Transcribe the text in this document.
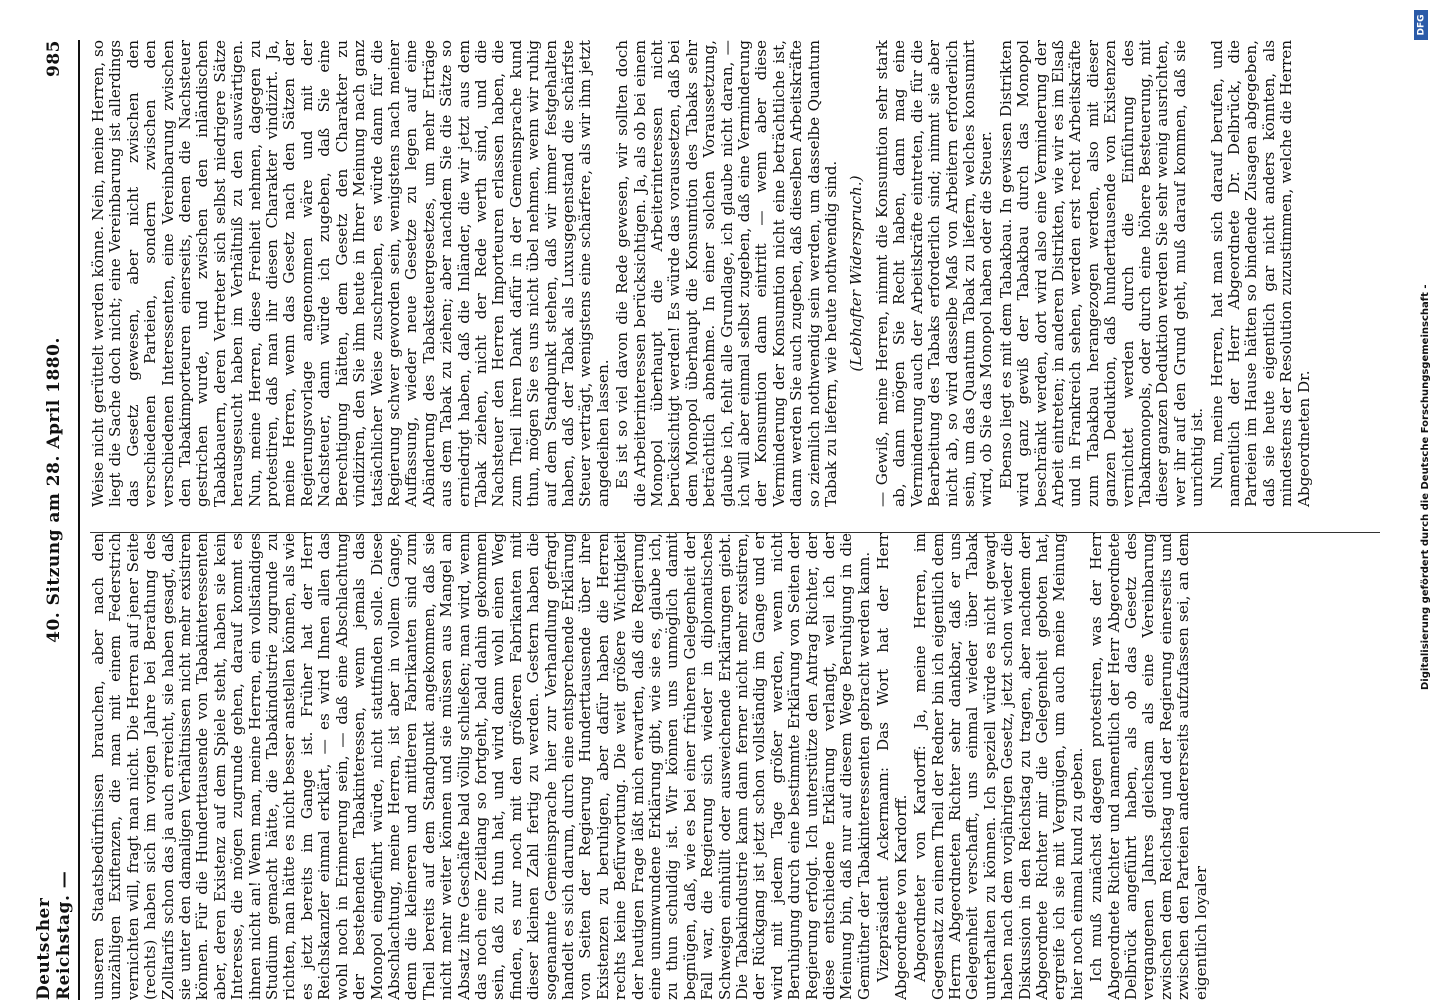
Deutscher Reichstag. —
40. Sitzung am 28. April 1880.
985

unseren Staatsbedürfnissen brauchen, aber nach den unzähligen Exiftenzen, die man mit einem Federstrich vernichten will, fragt man nicht. Die Herren auf jener Seite (rechts) haben sich im vorigen Jahre bei Berathung des Zolltarifs schon das ja auch erreicht, sie haben gesagt, daß sie unter den damaligen Verhältnissen nicht mehr existiren können. Für die Hunderttausende von Tabakinteressenten aber, deren Existenz auf dem Spiele steht, haben sie kein Interesse, die mögen zugrunde gehen, darauf kommt es ihnen nicht an! Wenn man, meine Herren, ein vollständiges Studium gemacht hätte, die Tabakindustrie zugrunde zu richten, man hätte es nicht besser anstellen können, als wie es jetzt bereits im Gange ist. Früher hat der Herr Reichskanzler einmal erklärt, — es wird Ihnen allen das wohl noch in Erinnerung sein, — daß eine Abschlachtung der bestehenden Tabakinteressen, wenn jemals das Monopol eingeführt würde, nicht stattfinden solle. Diese Abschlachtung, meine Herren, ist aber in vollem Gange, denn die kleineren und mittleren Fabrikanten sind zum Theil bereits auf dem Standpunkt angekommen, daß sie nicht mehr weiter können und sie müssen aus Mangel an Absatz ihre Geschäfte bald völlig schließen; man wird, wenn das noch eine Zeitlang so fortgeht, bald dahin gekommen sein, daß zu thun hat, und wird dann wohl einen Weg finden, es nur noch mit den größeren Fabrikanten mit dieser kleinen Zahl fertig zu werden. Gestern haben die sogenannte Gemeinsprache hier zur Verhandlung gefragt handelt es sich darum, durch eine entsprechende Erklärung von Seiten der Regierung Hunderttausende über ihre Existenzen zu beruhigen, aber dafür haben die Herren rechts keine Befürwortung. Die weit größere Wichtigkeit der heutigen Frage läßt mich erwarten, daß die Regierung eine unumwundene Erklärung gibt, wie sie es, glaube ich, zu thun schuldig ist. Wir können uns unmöglich damit begnügen, daß, wie es bei einer früheren Gelegenheit der Fall war, die Regierung sich wieder in diplomatisches Schweigen einhüllt oder ausweichende Erklärungen giebt. Die Tabakindustrie kann dann ferner nicht mehr existiren, der Rückgang ist jetzt schon vollständig im Gange und er wird mit jedem Tage größer werden, wenn nicht Beruhigung durch eine bestimmte Erklärung von Seiten der Regierung erfolgt. Ich unterstütze den Antrag Richter, der diese entschiedene Erklärung verlangt, weil ich der Meinung bin, daß nur auf diesem Wege Beruhigung in die Gemüther der Tabakinteressenten gebracht werden kann. Vizepräsident Ackermann: Das Wort hat der Herr Abgeordnete von Kardorff. Abgeordneter von Kardorff: Ja, meine Herren, im Gegensatz zu einem Theil der Redner bin ich eigentlich dem Herrn Abgeordneten Richter sehr dankbar, daß er uns Gelegenheit verschafft, uns einmal wieder über Tabak unterhalten zu können. Ich speziell würde es nicht gewagt haben nach dem vorjährigen Gesetz, jetzt schon wieder die Diskussion in den Reichstag zu tragen, aber nachdem der Abgeordnete Richter mir die Gelegenheit geboten hat, ergreife ich sie mit Vergnügen, um auch meine Meinung hier noch einmal kund zu geben. Ich muß zunächst dagegen protestiren, was der Herr Abgeordnete Richter und namentlich der Herr Abgeordnete Delbrück angeführt haben, als ob das Gesetz des vergangenen Jahres gleichsam als eine Vereinbarung zwischen dem Reichstag und der Regierung einerseits und zwischen den Parteien andererseits aufzufassen sei, an dem eigentlich loyaler

Weise nicht gerüttelt werden könne. Nein, meine Herren, so liegt die Sache doch nicht; eine Vereinbarung ist allerdings das Gesetz gewesen, aber nicht zwischen den verschiedenen Parteien, sondern zwischen den verschiedenen Interessenten, eine Vereinbarung zwischen den Tabakimporteuren einerseits, denen die Nachsteuer gestrichen wurde, und zwischen den inländischen Tabakbauern, deren Vertreter sich selbst niedrigere Sätze herausgesucht haben im Verhältniß zu den auswärtigen. Nun, meine Herren, diese Freiheit nehmen, dagegen zu protestiren, daß man ihr diesen Charakter vindizirt. Ja, meine Herren, wenn das Gesetz nach den Sätzen der Regierungsvorlage angenommen wäre und mit der Nachsteuer, dann würde ich zugeben, daß Sie eine Berechtigung hätten, dem Gesetz den Charakter zu vindiziren, den Sie ihm heute in Ihrer Meinung nach ganz tatsächlicher Weise zuschreiben, es würde dann für die Regierung schwer geworden sein, wenigstens nach meiner Auffassung, wieder neue Gesetze zu legen auf eine Abänderung des Tabaksteuergesetzes, um mehr Erträge aus dem Tabak zu ziehen; aber nachdem Sie die Sätze so erniedrigt haben, daß die Inländer, die wir jetzt aus dem Tabak ziehen, nicht der Rede werth sind, und die Nachsteuer den Herren Importeuren erlassen haben, die zum Theil ihren Dank dafür in der Gemeinsprache kund thun, mögen Sie es uns nicht übel nehmen, wenn wir ruhig auf dem Standpunkt stehen, daß wir immer festgehalten haben, daß der Tabak als Luxusgegenstand die schärfste Steuer verträgt, wenigstens eine schärfere, als wir ihm jetzt angedeihen lassen. Es ist so viel davon die Rede gewesen, wir sollten doch die Arbeiterinteressen berücksichtigen. Ja, als ob bei einem Monopol überhaupt die Arbeiterinteressen nicht berücksichtigt werden! Es würde das voraussetzen, daß bei dem Monopol überhaupt die Konsumtion des Tabaks sehr beträchtlich abnehme. In einer solchen Voraussetzung, glaube ich, fehlt alle Grundlage, ich glaube nicht daran, — ich will aber einmal selbst zugeben, daß eine Verminderung der Konsumtion dann eintritt — wenn aber diese Verminderung der Konsumtion nicht eine beträchtliche ist, dann werden Sie auch zugeben, daß dieselben Arbeitskräfte so ziemlich nothwendig sein werden, um dasselbe Quantum Tabak zu liefern, wie heute nothwendig sind. (Lebhafter Widerspruch.) — Gewiß, meine Herren, nimmt die Konsumtion sehr stark ab, dann mögen Sie Recht haben, dann mag eine Verminderung auch der Arbeitskräfte eintreten, die für die Bearbeitung des Tabaks erforderlich sind; nimmt sie aber nicht ab, so wird dasselbe Maß von Arbeitern erforderlich sein, um das Quantum Tabak zu liefern, welches konsumirt wird, ob Sie das Monopol haben oder die Steuer. Ebenso liegt es mit dem Tabakbau. In gewissen Distrikten wird ganz gewiß der Tabakbau durch das Monopol beschränkt werden, dort wird also eine Verminderung der Arbeit eintreten; in anderen Distrikten, wie wir es im Elsaß und in Frankreich sehen, werden erst recht Arbeitskräfte zum Tabakbau herangezogen werden, also mit dieser ganzen Deduktion, daß hunderttausende von Existenzen vernichtet werden durch die Einführung des Tabakmonopols, oder durch eine höhere Besteuerung, mit dieser ganzen Deduktion werden Sie sehr wenig ausrichten, wer ihr auf den Grund geht, muß darauf kommen, daß sie unrichtig ist. Nun, meine Herren, hat man sich darauf berufen, und namentlich der Herr Abgeordnete Dr. Delbrück, die Parteien im Hause hätten so bindende Zusagen abgegeben, daß sie heute eigentlich gar nicht anders könnten, als mindestens der Resolution zuzustimmen, welche die Herren Abgeordneten Dr.	Digitalisierung gefördert durch die Deutsche Forschungsgemeinschaft -
DFG
